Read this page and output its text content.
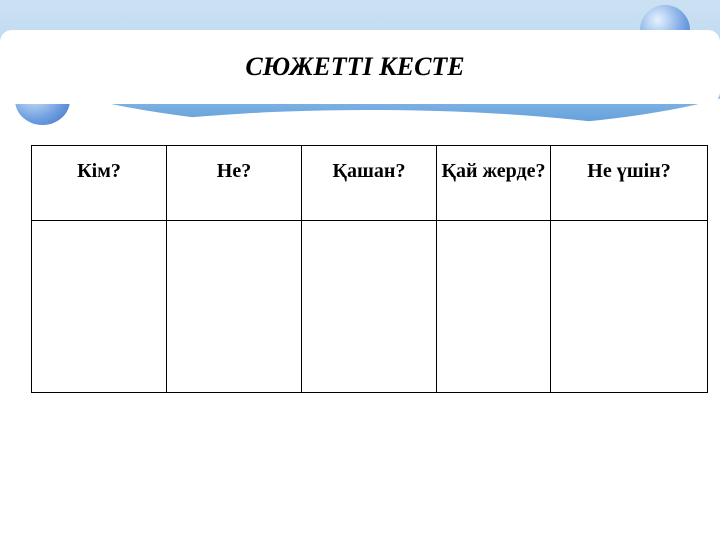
СЮЖЕТТІ КЕСТЕ
Кім?	Не?	Қашан?	Қай жерде?	Не үшін?
